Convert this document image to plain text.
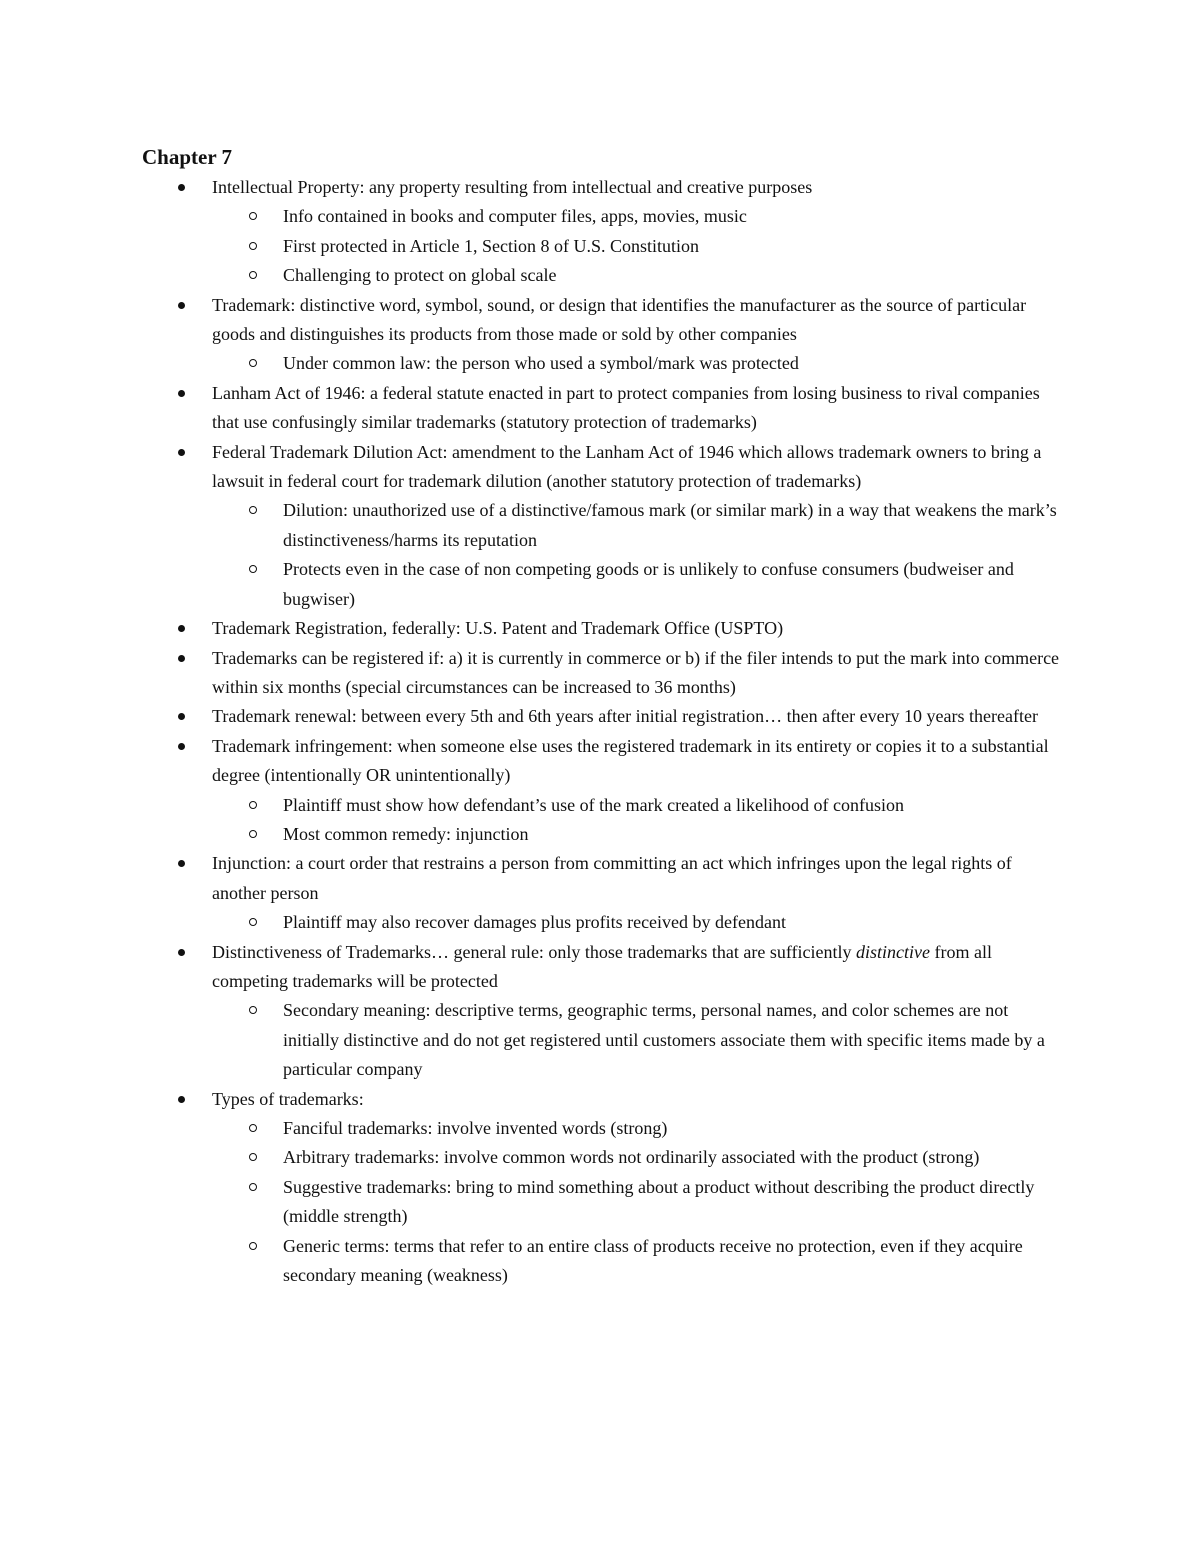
Chapter 7
Intellectual Property: any property resulting from intellectual and creative purposes
Info contained in books and computer files, apps, movies, music
First protected in Article 1, Section 8 of U.S. Constitution
Challenging to protect on global scale
Trademark: distinctive word, symbol, sound, or design that identifies the manufacturer as the source of particular goods and distinguishes its products from those made or sold by other companies
Under common law: the person who used a symbol/mark was protected
Lanham Act of 1946: a federal statute enacted in part to protect companies from losing business to rival companies that use confusingly similar trademarks (statutory protection of trademarks)
Federal Trademark Dilution Act: amendment to the Lanham Act of 1946 which allows trademark owners to bring a lawsuit in federal court for trademark dilution (another statutory protection of trademarks)
Dilution: unauthorized use of a distinctive/famous mark (or similar mark) in a way that weakens the mark’s distinctiveness/harms its reputation
Protects even in the case of non competing goods or is unlikely to confuse consumers (budweiser and bugwiser)
Trademark Registration, federally: U.S. Patent and Trademark Office (USPTO)
Trademarks can be registered if: a) it is currently in commerce or b) if the filer intends to put the mark into commerce within six months (special circumstances can be increased to 36 months)
Trademark renewal: between every 5th and 6th years after initial registration… then after every 10 years thereafter
Trademark infringement: when someone else uses the registered trademark in its entirety or copies it to a substantial degree (intentionally OR unintentionally)
Plaintiff must show how defendant’s use of the mark created a likelihood of confusion
Most common remedy: injunction
Injunction: a court order that restrains a person from committing an act which infringes upon the legal rights of another person
Plaintiff may also recover damages plus profits received by defendant
Distinctiveness of Trademarks… general rule: only those trademarks that are sufficiently distinctive from all competing trademarks will be protected
Secondary meaning: descriptive terms, geographic terms, personal names, and color schemes are not initially distinctive and do not get registered until customers associate them with specific items made by a particular company
Types of trademarks:
Fanciful trademarks: involve invented words (strong)
Arbitrary trademarks: involve common words not ordinarily associated with the product (strong)
Suggestive trademarks: bring to mind something about a product without describing the product directly (middle strength)
Generic terms: terms that refer to an entire class of products receive no protection, even if they acquire secondary meaning (weakness)
